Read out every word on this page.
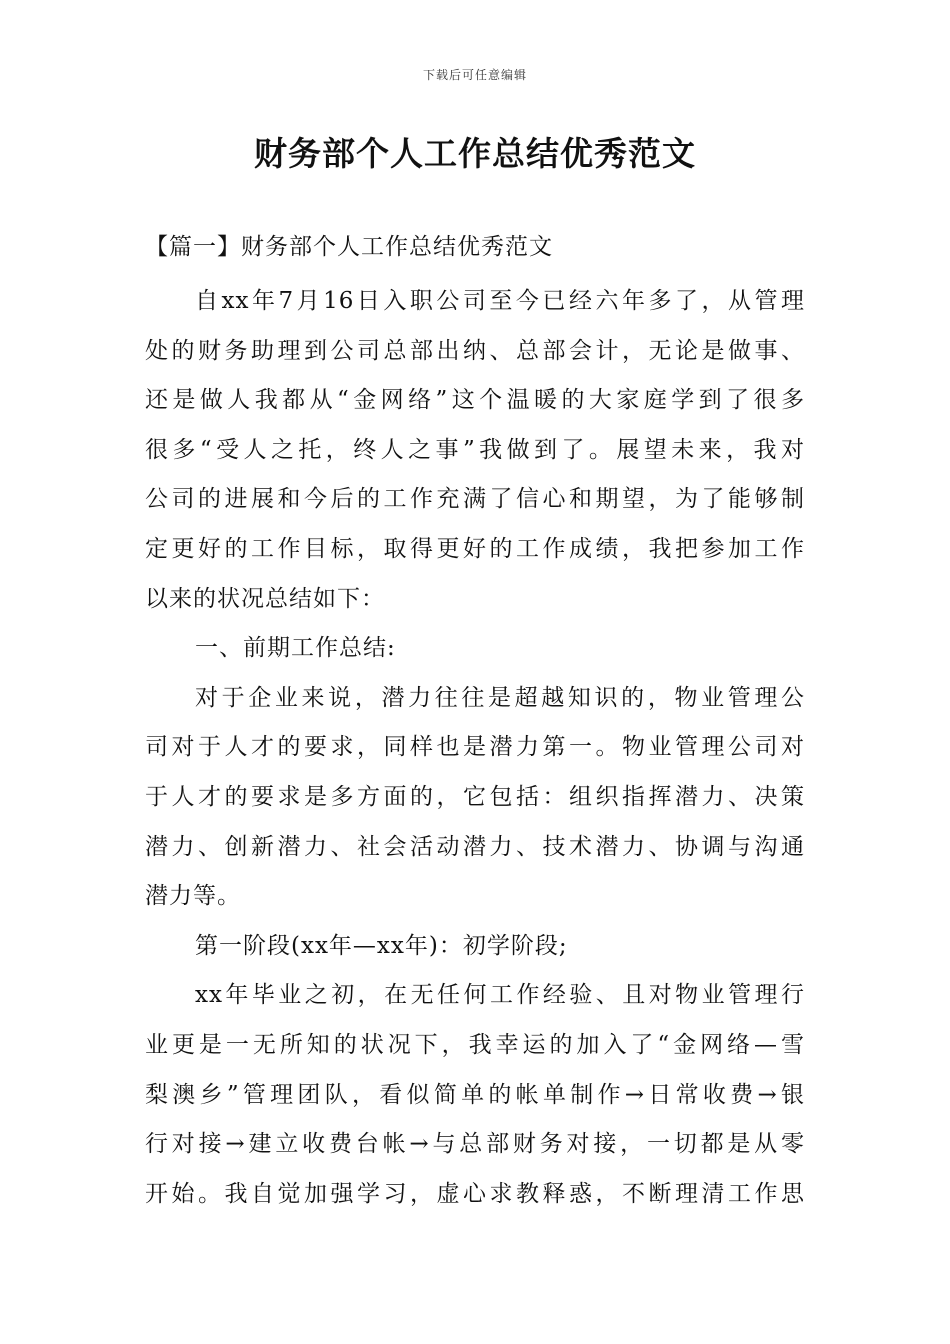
下载后可任意编辑
财务部个人工作总结优秀范文
【篇一】财务部个人工作总结优秀范文
自xx年7月16日入职公司至今已经六年多了，从管理
处的财务助理到公司总部出纳、总部会计，无论是做事、
还是做人我都从“金网络”这个温暖的大家庭学到了很多
很多“受人之托，终人之事”我做到了。展望未来，我对
公司的进展和今后的工作充满了信心和期望，为了能够制
定更好的工作目标，取得更好的工作成绩，我把参加工作
以来的状况总结如下：
一、前期工作总结:
对于企业来说，潜力往往是超越知识的，物业管理公
司对于人才的要求，同样也是潜力第一。物业管理公司对
于人才的要求是多方面的，它包括：组织指挥潜力、决策
潜力、创新潜力、社会活动潜力、技术潜力、协调与沟通
潜力等。
第一阶段(xx年—xx年)：初学阶段;
xx年毕业之初，在无任何工作经验、且对物业管理行
业更是一无所知的状况下，我幸运的加入了“金网络—雪
梨澳乡”管理团队，看似简单的帐单制作→日常收费→银
行对接→建立收费台帐→与总部财务对接，一切都是从零
开始。我自觉加强学习，虚心求教释惑，不断理清工作思
